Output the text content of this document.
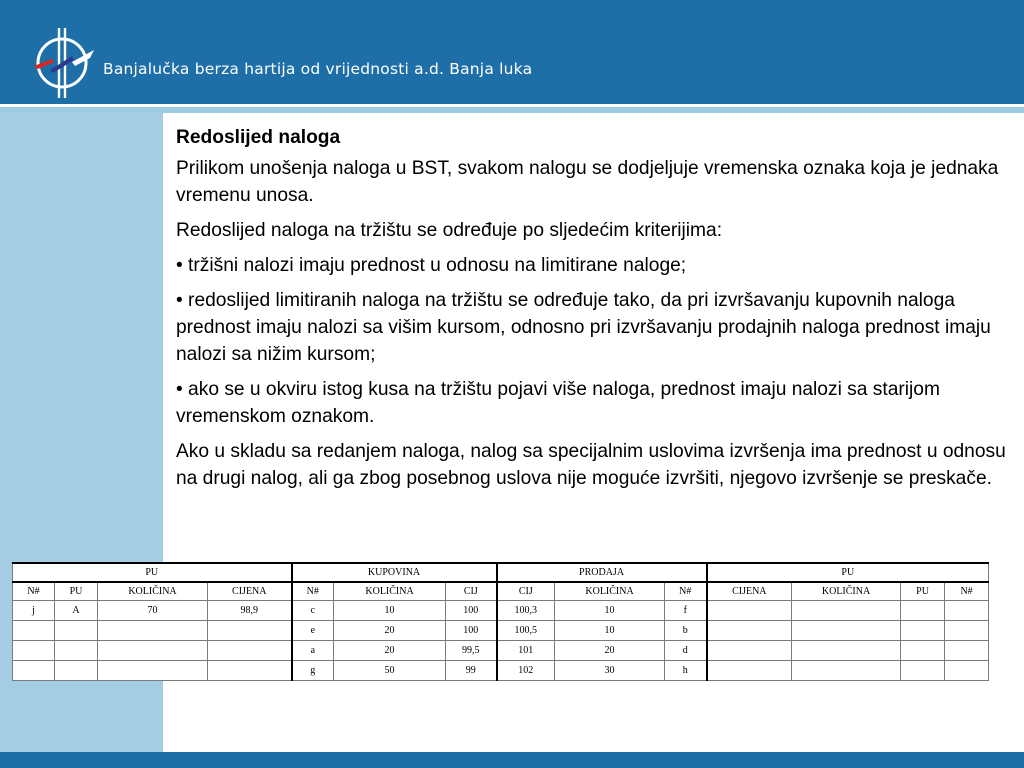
Banjalučka berza hartija od vrijednosti a.d. Banja luka

Redoslijed naloga

Prilikom unošenja naloga u BST, svakom nalogu se dodjeljuje vremenska oznaka koja je jednaka vremenu unosa.

Redoslijed naloga na tržištu se određuje po sljedećim kriterijima:

• tržišni nalozi imaju prednost u odnosu na limitirane naloge;

• redoslijed limitiranih naloga na tržištu se određuje tako, da pri izvršavanju kupovnih naloga prednost imaju nalozi sa višim kursom, odnosno pri izvršavanju prodajnih naloga prednost imaju nalozi sa nižim kursom;

• ako se u okviru istog kusa na tržištu pojavi više naloga, prednost imaju nalozi sa starijom vremenskom oznakom.

Ako u skladu sa redanjem naloga, nalog sa specijalnim uslovima izvršenja ima prednost u odnosu na drugi nalog, ali ga zbog posebnog uslova nije moguće izvršiti, njegovo izvršenje se preskače.

PU				KUPOVINA			PRODAJA			PU			
N#	PU	KOLIČINA	CIJENA	N#	KOLIČINA	CIJ	CIJ	KOLIČINA	N#	CIJENA	KOLIČINA	PU	N#
j	A	70	98,9	c	10	100	100,3	10	f				
				e	20	100	100,5	10	b				
				a	20	99,5	101	20	d				
				g	50	99	102	30	h				
